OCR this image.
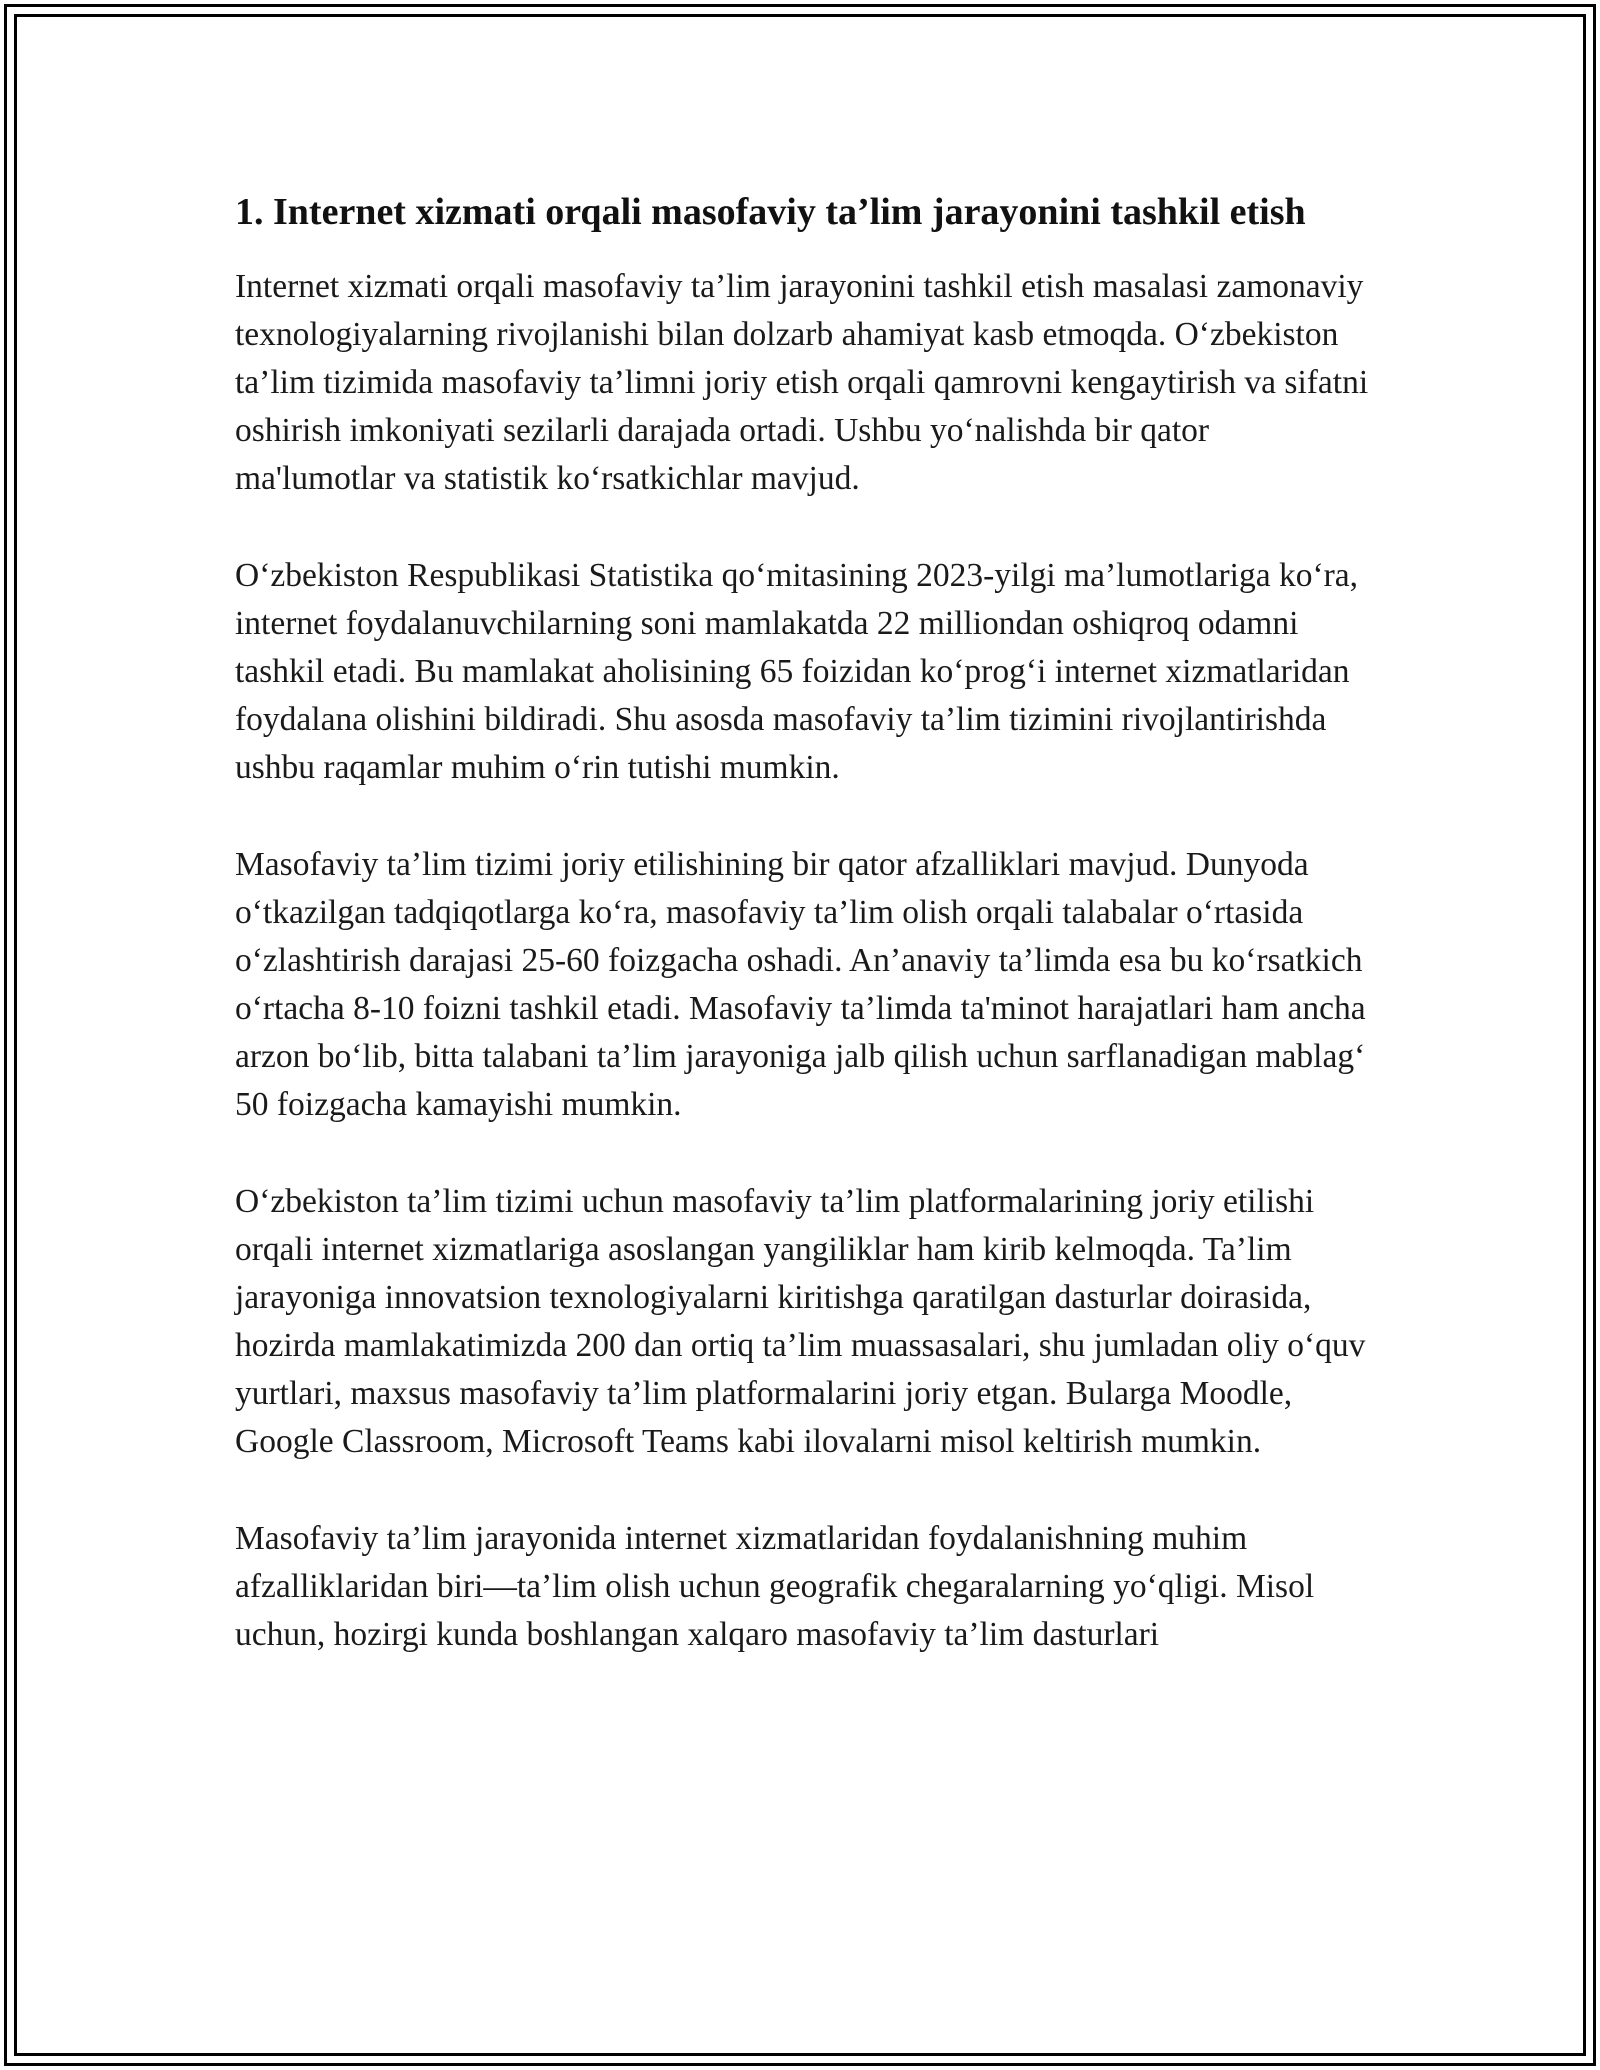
1. Internet xizmati orqali masofaviy ta’lim jarayonini tashkil etish

Internet xizmati orqali masofaviy ta’lim jarayonini tashkil etish masalasi zamonaviy texnologiyalarning rivojlanishi bilan dolzarb ahamiyat kasb etmoqda. O‘zbekiston ta’lim tizimida masofaviy ta’limni joriy etish orqali qamrovni kengaytirish va sifatni oshirish imkoniyati sezilarli darajada ortadi. Ushbu yo‘nalishda bir qator ma'lumotlar va statistik ko‘rsatkichlar mavjud.

O‘zbekiston Respublikasi Statistika qo‘mitasining 2023-yilgi ma’lumotlariga ko‘ra, internet foydalanuvchilarning soni mamlakatda 22 milliondan oshiqroq odamni tashkil etadi. Bu mamlakat aholisining 65 foizidan ko‘prog‘i internet xizmatlaridan foydalana olishini bildiradi. Shu asosda masofaviy ta’lim tizimini rivojlantirishda ushbu raqamlar muhim o‘rin tutishi mumkin.

Masofaviy ta’lim tizimi joriy etilishining bir qator afzalliklari mavjud. Dunyoda o‘tkazilgan tadqiqotlarga ko‘ra, masofaviy ta’lim olish orqali talabalar o‘rtasida o‘zlashtirish darajasi 25-60 foizgacha oshadi. An’anaviy ta’limda esa bu ko‘rsatkich o‘rtacha 8-10 foizni tashkil etadi. Masofaviy ta’limda ta'minot harajatlari ham ancha arzon bo‘lib, bitta talabani ta’lim jarayoniga jalb qilish uchun sarflanadigan mablag‘ 50 foizgacha kamayishi mumkin.

O‘zbekiston ta’lim tizimi uchun masofaviy ta’lim platformalarining joriy etilishi orqali internet xizmatlariga asoslangan yangiliklar ham kirib kelmoqda. Ta’lim jarayoniga innovatsion texnologiyalarni kiritishga qaratilgan dasturlar doirasida, hozirda mamlakatimizda 200 dan ortiq ta’lim muassasalari, shu jumladan oliy o‘quv yurtlari, maxsus masofaviy ta’lim platformalarini joriy etgan. Bularga Moodle, Google Classroom, Microsoft Teams kabi ilovalarni misol keltirish mumkin.

Masofaviy ta’lim jarayonida internet xizmatlaridan foydalanishning muhim afzalliklaridan biri—ta’lim olish uchun geografik chegaralarning yo‘qligi. Misol uchun, hozirgi kunda boshlangan xalqaro masofaviy ta’lim dasturlari
